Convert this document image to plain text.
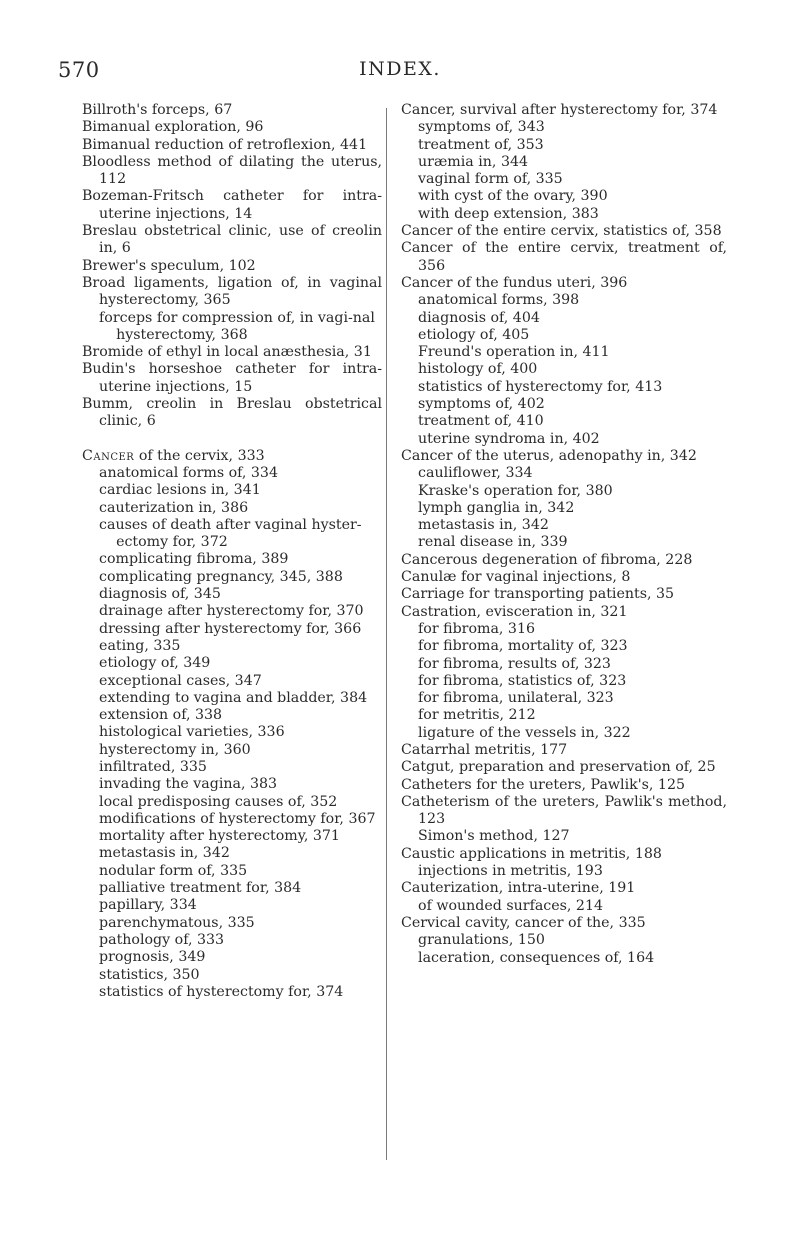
570	INDEX.
Billroth's forceps, 67
Bimanual exploration, 96
Bimanual reduction of retroflexion, 441
Bloodless method of dilating the uterus, 112
Bozeman-Fritsch catheter for intra-uterine injections, 14
Breslau obstetrical clinic, use of creolin in, 6
Brewer's speculum, 102
Broad ligaments, ligation of, in vaginal hysterectomy, 365
forceps for compression of, in vagi-nal hysterectomy, 368
Bromide of ethyl in local anæsthesia, 31
Budin's horseshoe catheter for intra-uterine injections, 15
Bumm, creolin in Breslau obstetrical clinic, 6
Cancer of the cervix, 333
anatomical forms of, 334
cardiac lesions in, 341
cauterization in, 386
causes of death after vaginal hyster-ectomy for, 372
complicating fibroma, 389
complicating pregnancy, 345, 388
diagnosis of, 345
drainage after hysterectomy for, 370
dressing after hysterectomy for, 366
eating, 335
etiology of, 349
exceptional cases, 347
extending to vagina and bladder, 384
extension of, 338
histological varieties, 336
hysterectomy in, 360
infiltrated, 335
invading the vagina, 383
local predisposing causes of, 352
modifications of hysterectomy for, 367
mortality after hysterectomy, 371
metastasis in, 342
nodular form of, 335
palliative treatment for, 384
papillary, 334
parenchymatous, 335
pathology of, 333
prognosis, 349
statistics, 350
statistics of hysterectomy for, 374
Cancer, survival after hysterectomy for, 374
symptoms of, 343
treatment of, 353
uræmia in, 344
vaginal form of, 335
with cyst of the ovary, 390
with deep extension, 383
Cancer of the entire cervix, statistics of, 358
Cancer of the entire cervix, treatment of, 356
Cancer of the fundus uteri, 396
anatomical forms, 398
diagnosis of, 404
etiology of, 405
Freund's operation in, 411
histology of, 400
statistics of hysterectomy for, 413
symptoms of, 402
treatment of, 410
uterine syndroma in, 402
Cancer of the uterus, adenopathy in, 342
cauliflower, 334
Kraske's operation for, 380
lymph ganglia in, 342
metastasis in, 342
renal disease in, 339
Cancerous degeneration of fibroma, 228
Canulæ for vaginal injections, 8
Carriage for transporting patients, 35
Castration, evisceration in, 321
for fibroma, 316
for fibroma, mortality of, 323
for fibroma, results of, 323
for fibroma, statistics of, 323
for fibroma, unilateral, 323
for metritis, 212
ligature of the vessels in, 322
Catarrhal metritis, 177
Catgut, preparation and preservation of, 25
Catheters for the ureters, Pawlik's, 125
Catheterism of the ureters, Pawlik's method, 123
Simon's method, 127
Caustic applications in metritis, 188
injections in metritis, 193
Cauterization, intra-uterine, 191
of wounded surfaces, 214
Cervical cavity, cancer of the, 335
granulations, 150
laceration, consequences of, 164
